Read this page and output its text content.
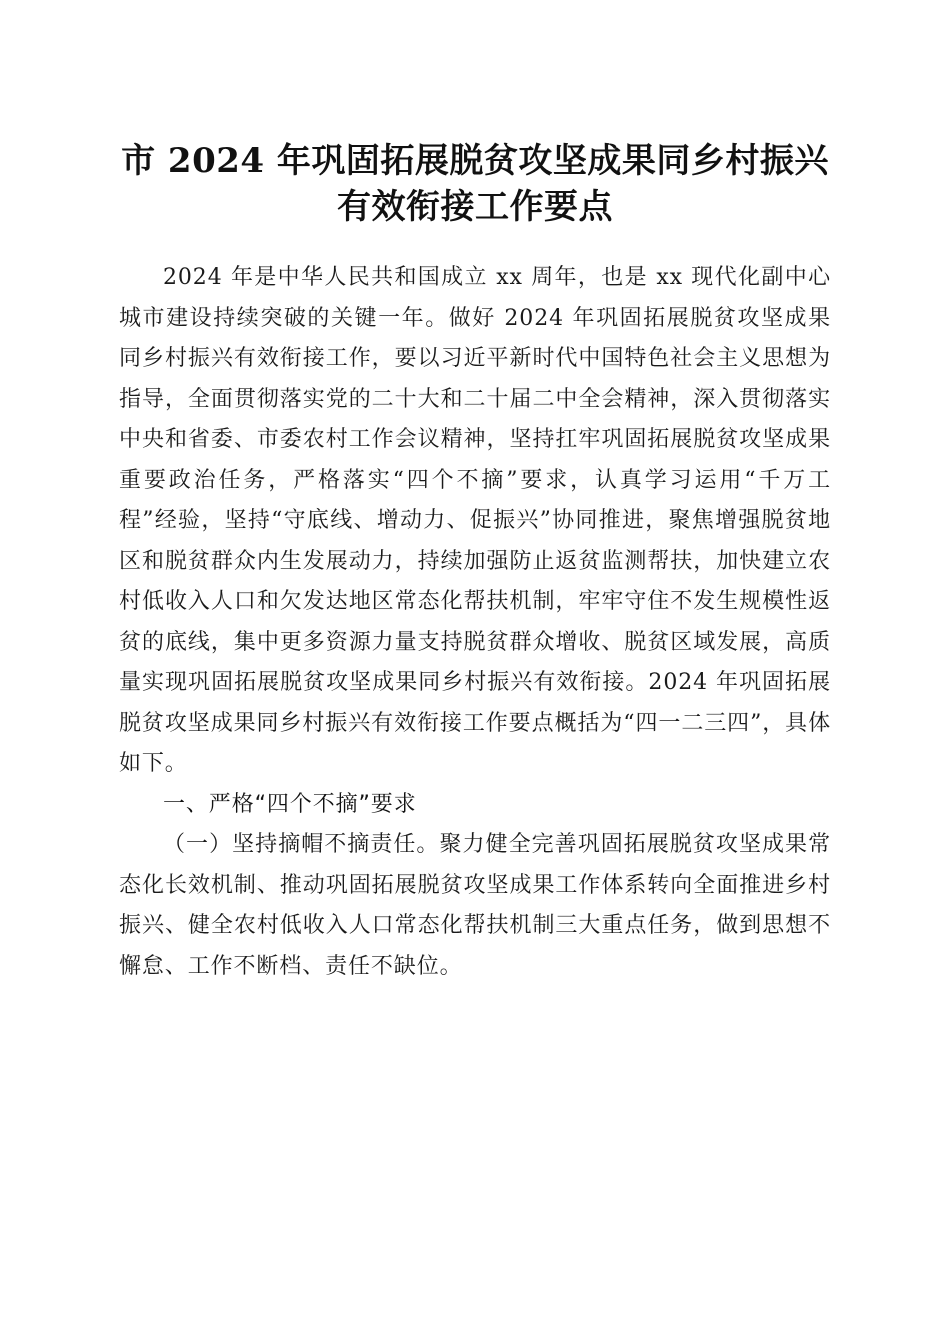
市 2024 年巩固拓展脱贫攻坚成果同乡村振兴
有效衔接工作要点

2024 年是中华人民共和国成立 xx 周年，也是 xx 现代化副中心城市建设持续突破的关键一年。做好 2024 年巩固拓展脱贫攻坚成果同乡村振兴有效衔接工作，要以习近平新时代中国特色社会主义思想为指导，全面贯彻落实党的二十大和二十届二中全会精神，深入贯彻落实中央和省委、市委农村工作会议精神，坚持扛牢巩固拓展脱贫攻坚成果重要政治任务，严格落实“四个不摘”要求，认真学习运用“千万工程”经验，坚持“守底线、增动力、促振兴”协同推进，聚焦增强脱贫地区和脱贫群众内生发展动力，持续加强防止返贫监测帮扶，加快建立农村低收入人口和欠发达地区常态化帮扶机制，牢牢守住不发生规模性返贫的底线，集中更多资源力量支持脱贫群众增收、脱贫区域发展，高质量实现巩固拓展脱贫攻坚成果同乡村振兴有效衔接。2024 年巩固拓展脱贫攻坚成果同乡村振兴有效衔接工作要点概括为“四一二三四”，具体如下。

一、严格“四个不摘”要求

（一）坚持摘帽不摘责任。聚力健全完善巩固拓展脱贫攻坚成果常态化长效机制、推动巩固拓展脱贫攻坚成果工作体系转向全面推进乡村振兴、健全农村低收入人口常态化帮扶机制三大重点任务，做到思想不懈怠、工作不断档、责任不缺位。
